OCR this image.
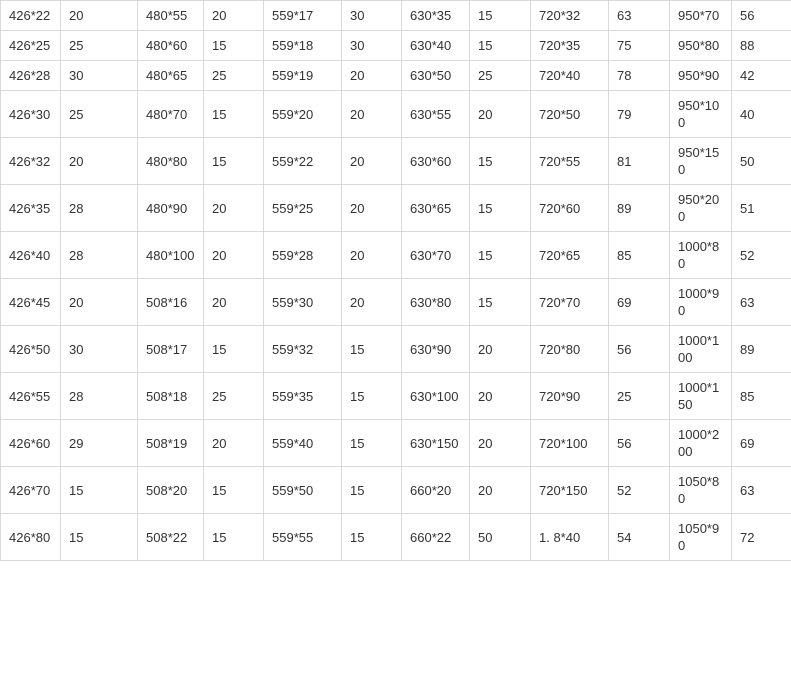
426*22	20	480*55	20	559*17	30	630*35	15	720*32	63	950*70	56
426*25	25	480*60	15	559*18	30	630*40	15	720*35	75	950*80	88
426*28	30	480*65	25	559*19	20	630*50	25	720*40	78	950*90	42
426*30	25	480*70	15	559*20	20	630*55	20	720*50	79	950*100	40
426*32	20	480*80	15	559*22	20	630*60	15	720*55	81	950*150	50
426*35	28	480*90	20	559*25	20	630*65	15	720*60	89	950*200	51
426*40	28	480*100	20	559*28	20	630*70	15	720*65	85	1000*80	52
426*45	20	508*16	20	559*30	20	630*80	15	720*70	69	1000*90	63
426*50	30	508*17	15	559*32	15	630*90	20	720*80	56	1000*100	89
426*55	28	508*18	25	559*35	15	630*100	20	720*90	25	1000*150	85
426*60	29	508*19	20	559*40	15	630*150	20	720*100	56	1000*200	69
426*70	15	508*20	15	559*50	15	660*20	20	720*150	52	1050*80	63
426*80	15	508*22	15	559*55	15	660*22	50	1. 8*40	54	1050*90	72
